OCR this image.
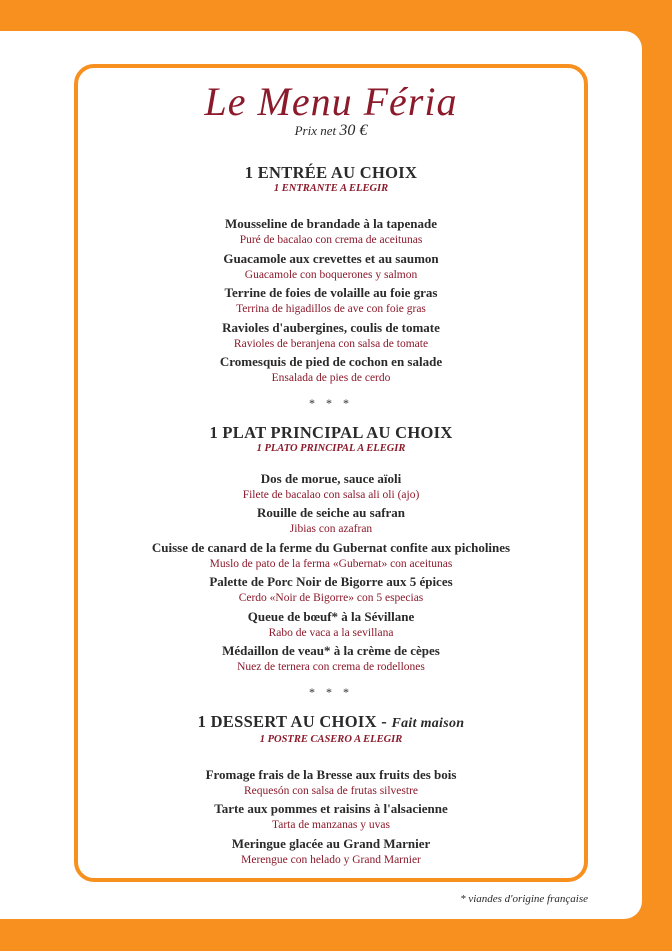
Le Menu Féria
Prix net 30 €
1 ENTRÉE AU CHOIX
1 ENTRANTE A ELEGIR
Mousseline de brandade à la tapenade
Puré de bacalao con crema de aceitunas
Guacamole aux crevettes et au saumon
Guacamole con boquerones y salmon
Terrine de foies de volaille au foie gras
Terrina de higadillos de ave con foie gras
Ravioles d'aubergines, coulis de tomate
Ravioles de beranjena con salsa de tomate
Cromesquis de pied de cochon en salade
Ensalada de pies de cerdo
* * *
1 PLAT PRINCIPAL AU CHOIX
1 PLATO PRINCIPAL A ELEGIR
Dos de morue, sauce aïoli
Filete de bacalao con salsa ali oli (ajo)
Rouille de seiche au safran
Jibias con azafran
Cuisse de canard de la ferme du Gubernat confite aux picholines
Muslo de pato de la ferma «Gubernat» con aceitunas
Palette de Porc Noir de Bigorre aux 5 épices
Cerdo «Noir de Bigorre» con 5 especias
Queue de bœuf* à la Sévillane
Rabo de vaca a la sevillana
Médaillon de veau* à la crème de cèpes
Nuez de ternera con crema de rodellones
* * *
1 DESSERT AU CHOIX - Fait maison
1 POSTRE CASERO A ELEGIR
Fromage frais de la Bresse aux fruits des bois
Requesón con salsa de frutas silvestre
Tarte aux pommes et raisins à l'alsacienne
Tarta de manzanas y uvas
Meringue glacée au Grand Marnier
Merengue con helado y Grand Marnier
* viandes d'origine française
